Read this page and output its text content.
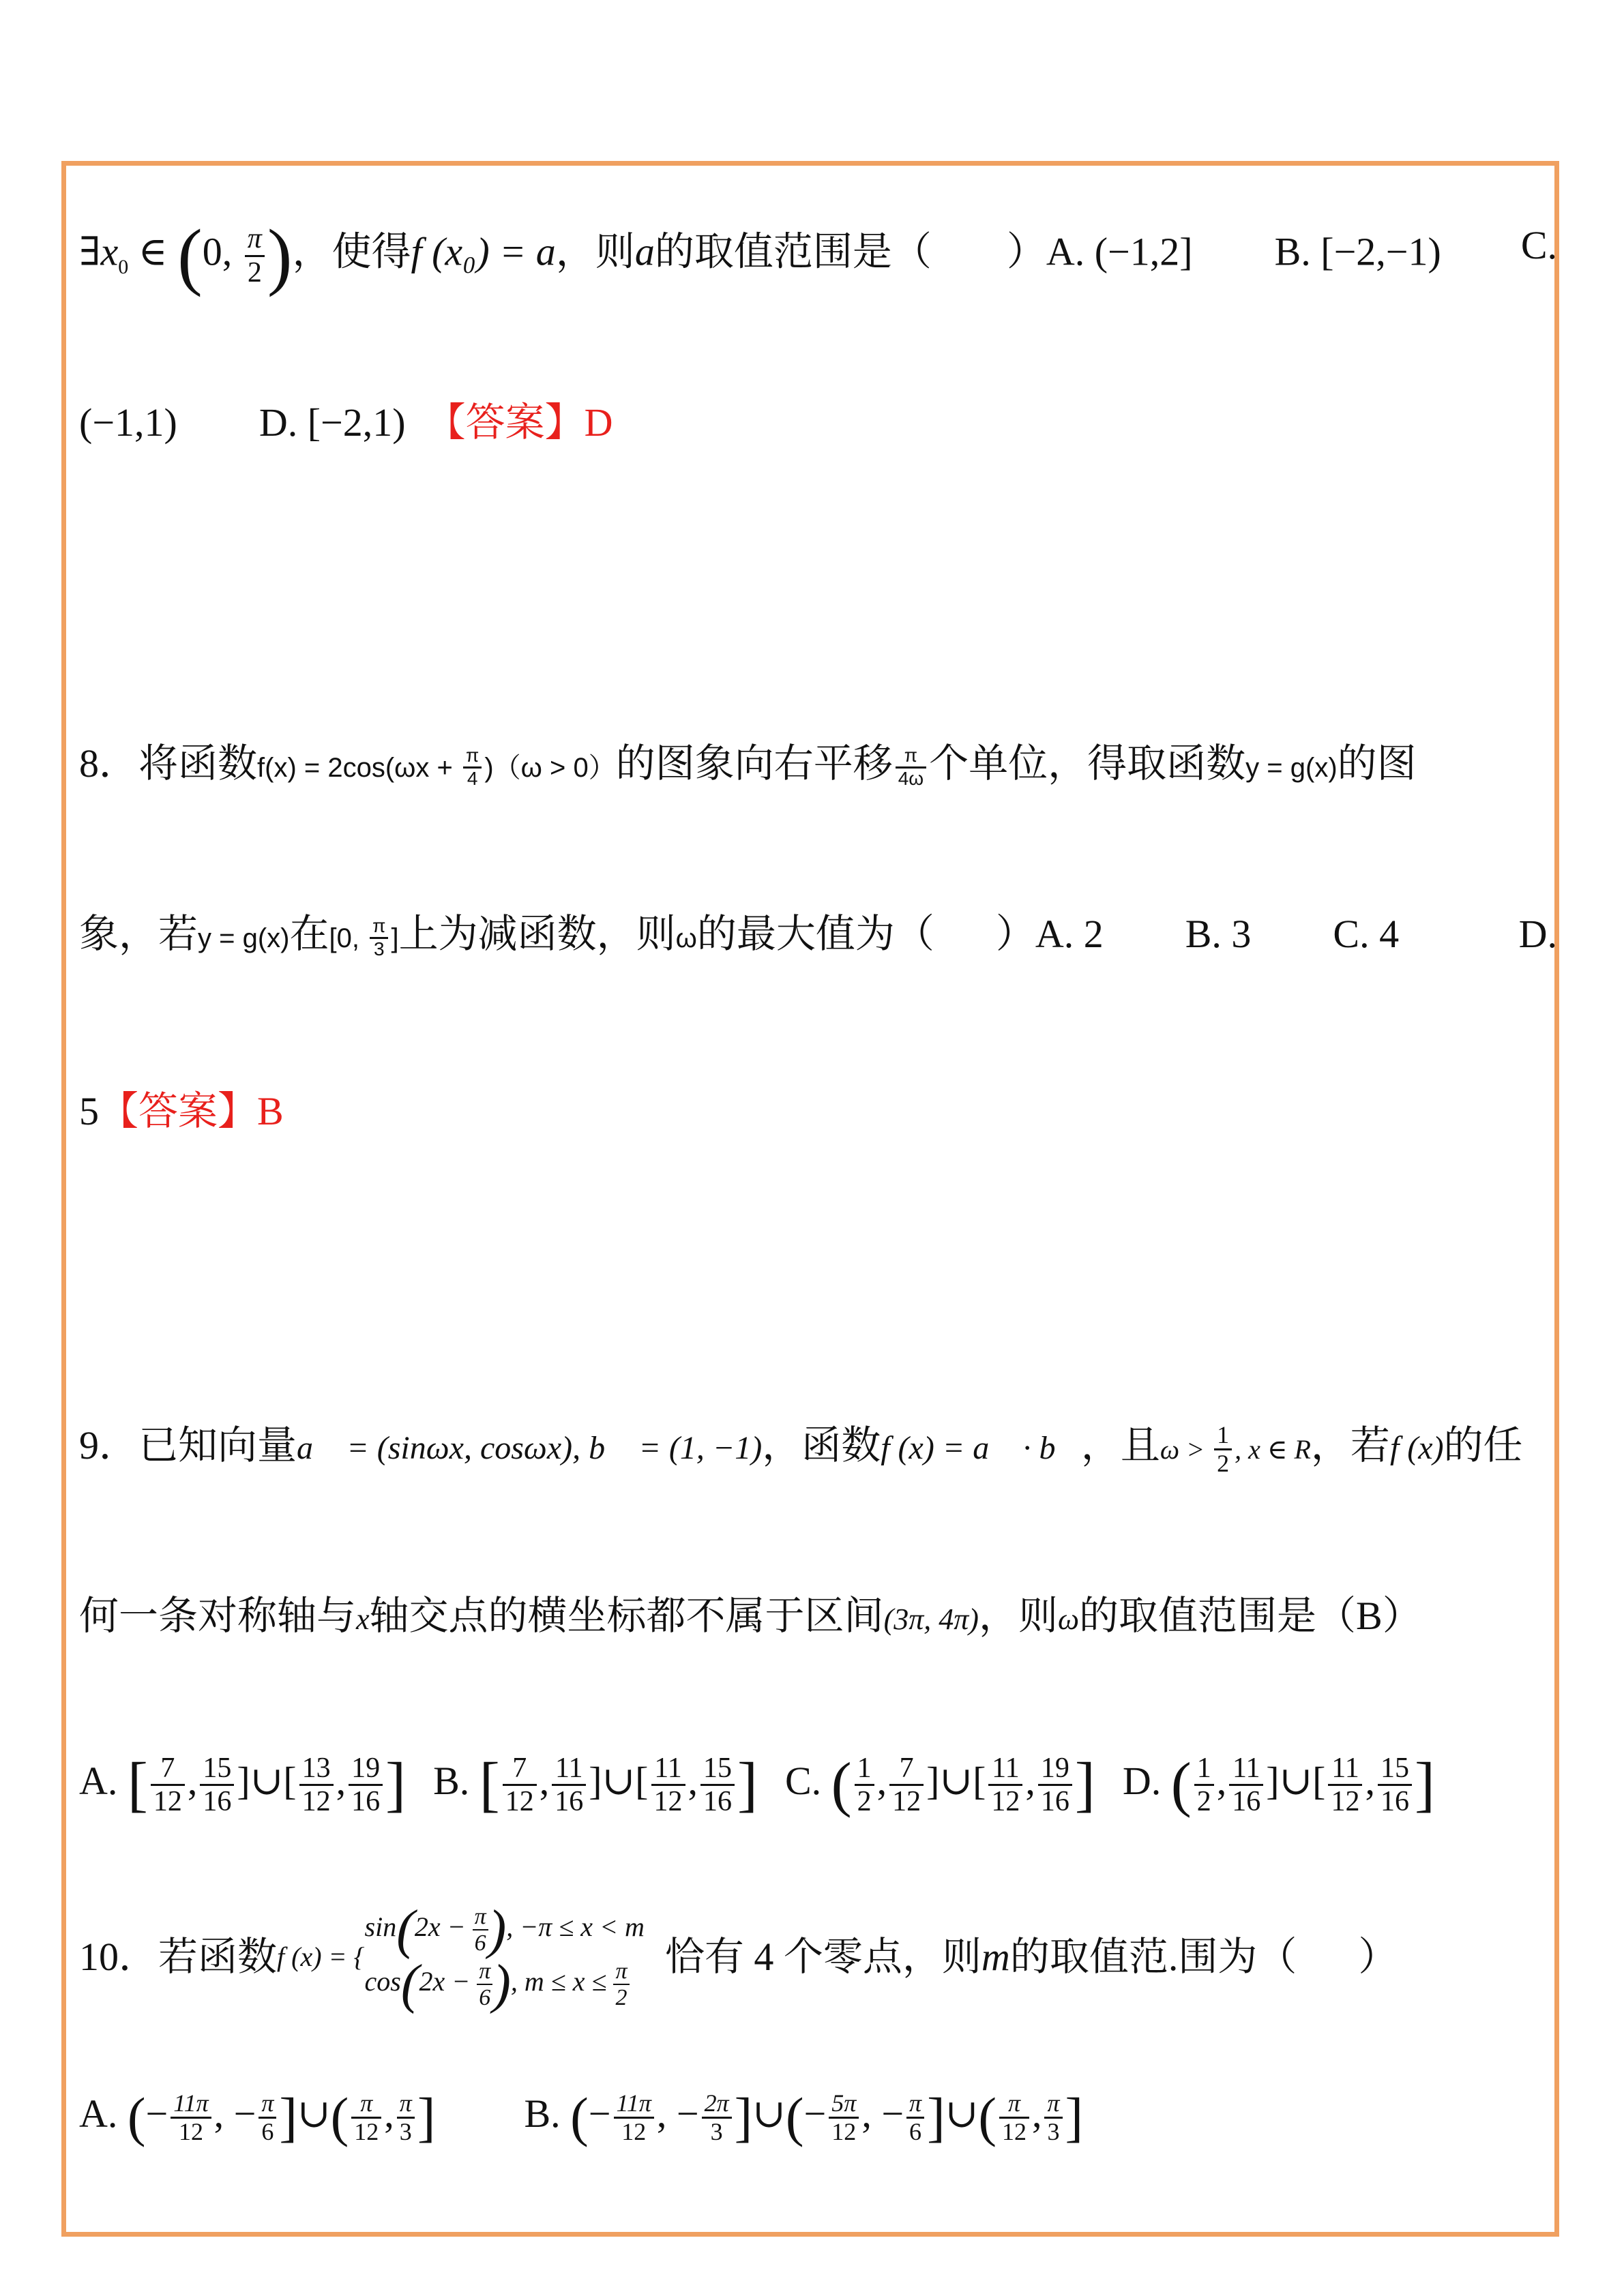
$\exists x_0$ ∈ (0, $\frac{\pi}{2}$ )，使得f (x₀) = a，则a的取值范围是（ ）A. (−1,2] B. [−2,−1) C.
(−1,1) D. [−2,1) 【答案】D
8．将函数$f(x) = 2\cos(\omega x + \frac{\pi}{4} )(\omega > 0)$的图象向右平移 $\frac{\pi}{4\omega}$ 个单位，得取函数y = g(x)的图
象，若y = g(x)在[0, $\frac{\pi}{3}$ ]上为减函数，则ω的最大值为（ ）A. 2 B. 3 C. 4	D.
5【答案】B
9．已知向量a⃗ = (sinωx, cosωx), b⃗ = (1, −1)，函数f (x) = a⃗ · b⃗，且$\omega > \frac{1}{2}$ , x ∈ R，若f (x)的任
何一条对称轴与x轴交点的横坐标都不属于区间(3π, 4π)，则ω的取值范围是（B）
A. [ $\frac{7}{12}$ , $\frac{15}{16}$ ]∪[ $\frac{13}{12}$ , $\frac{19}{16}$ ] B. [ $\frac{7}{12}$ , $\frac{11}{16}$ ]∪[ $\frac{11}{12}$ , $\frac{15}{16}$ ] C. ( $\frac{1}{2}$ , $\frac{7}{12}$ ]∪[ $\frac{11}{12}$ , $\frac{19}{16}$ ] D. ( $\frac{1}{2}$ , $\frac{11}{16}$ ]∪[ $\frac{11}{12}$ , $\frac{15}{16}$ ]
10．若函数f (x) = {
$\sin(2x - \frac{\pi}{6}$ ), −π ≤ x < m
$\cos(2x - \frac{\pi}{6}$ ), $m \le x \le \frac{\pi}{2}$
恰有 4 个零点，则m的取值范.围为（ ）
A. (− $\frac{11\pi}{12}$ , − $\frac{\pi}{6}$ ]∪( $\frac{\pi}{12}$ , $\frac{\pi}{3}$ ] B. (− $\frac{11\pi}{12}$ , − $\frac{2\pi}{3}$ ]∪(− $\frac{5\pi}{12}$ , − $\frac{\pi}{6}$ ]∪( $\frac{\pi}{12}$ , $\frac{\pi}{3}$ ]
